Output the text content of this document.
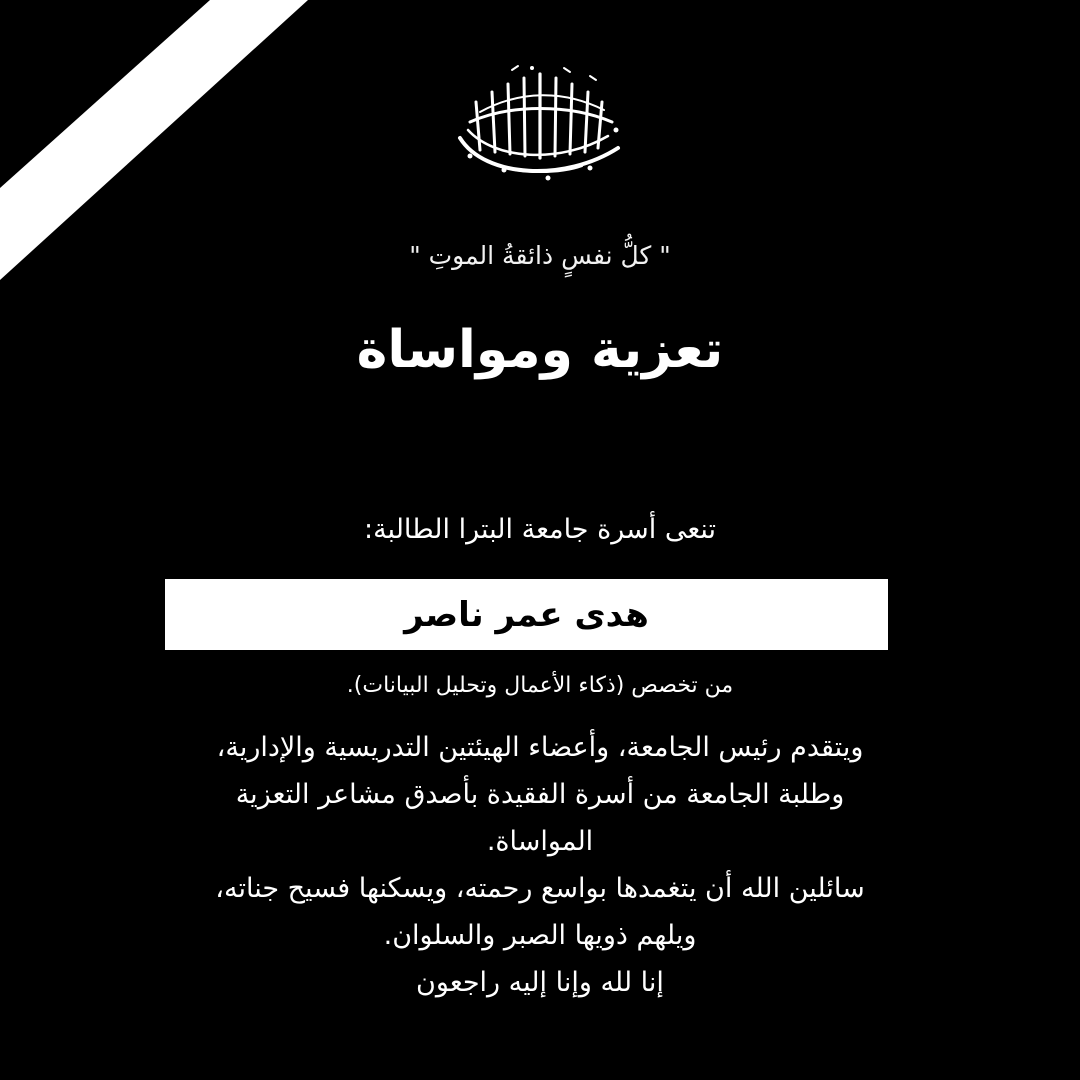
" كلُّ نفسٍ ذائقةُ الموتِ "
تعزية ومواساة
تنعى أسرة جامعة البترا الطالبة:
هدى عمر ناصر
من تخصص (ذكاء الأعمال وتحليل البيانات).
ويتقدم رئيس الجامعة، وأعضاء الهيئتين التدريسية والإدارية،
وطلبة الجامعة من أسرة الفقيدة بأصدق مشاعر التعزية
المواساة.
سائلين الله أن يتغمدها بواسع رحمته، ويسكنها فسيح جناته،
ويلهم ذويها الصبر والسلوان.
إنا لله وإنا إليه راجعون
